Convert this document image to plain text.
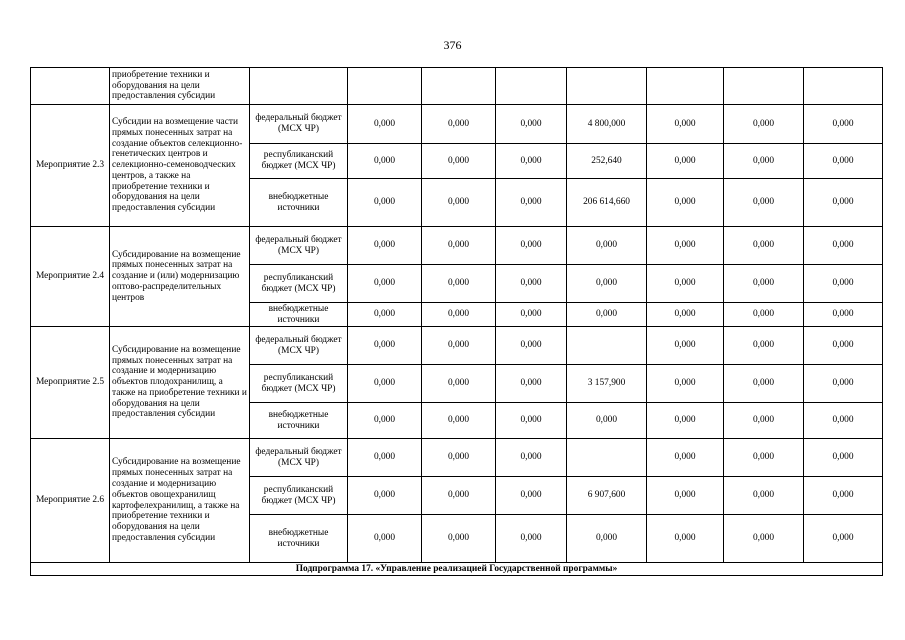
376
	приобретение техники и оборудования на цели предоставления субсидии								
Мероприятие 2.3	Субсидии на возмещение части прямых понесенных затрат на создание объектов селекционно-генетических центров и селекционно-семеноводческих центров, а также на приобретение техники и оборудования на цели предоставления субсидии	федеральный бюджет (МСХ ЧР)	0,000	0,000	0,000	4 800,000	0,000	0,000	0,000
		республиканский бюджет (МСХ ЧР)	0,000	0,000	0,000	252,640	0,000	0,000	0,000
		внебюджетные источники	0,000	0,000	0,000	206 614,660	0,000	0,000	0,000
Мероприятие 2.4	Субсидирование на возмещение прямых понесенных затрат на создание и (или) модернизацию оптово-распределительных центров	федеральный бюджет (МСХ ЧР)	0,000	0,000	0,000	0,000	0,000	0,000	0,000
		республиканский бюджет (МСХ ЧР)	0,000	0,000	0,000	0,000	0,000	0,000	0,000
		внебюджетные источники	0,000	0,000	0,000	0,000	0,000	0,000	0,000
Мероприятие 2.5	Субсидирование на возмещение прямых понесенных затрат на создание и модернизацию объектов плодохранилищ, а также на приобретение техники и оборудования на цели предоставления субсидии	федеральный бюджет (МСХ ЧР)	0,000	0,000	0,000		0,000	0,000	0,000
		республиканский бюджет (МСХ ЧР)	0,000	0,000	0,000	3 157,900	0,000	0,000	0,000
		внебюджетные источники	0,000	0,000	0,000	0,000	0,000	0,000	0,000
Мероприятие 2.6	Субсидирование на возмещение прямых понесенных затрат на создание и модернизацию объектов овощехранилищ картофелехранилищ, а также на приобретение техники и оборудования на цели предоставления субсидии	федеральный бюджет (МСХ ЧР)	0,000	0,000	0,000		0,000	0,000	0,000
		республиканский бюджет (МСХ ЧР)	0,000	0,000	0,000	6 907,600	0,000	0,000	0,000
		внебюджетные источники	0,000	0,000	0,000	0,000	0,000	0,000	0,000
Подпрограмма 17. «Управление реализацией Государственной программы»									
